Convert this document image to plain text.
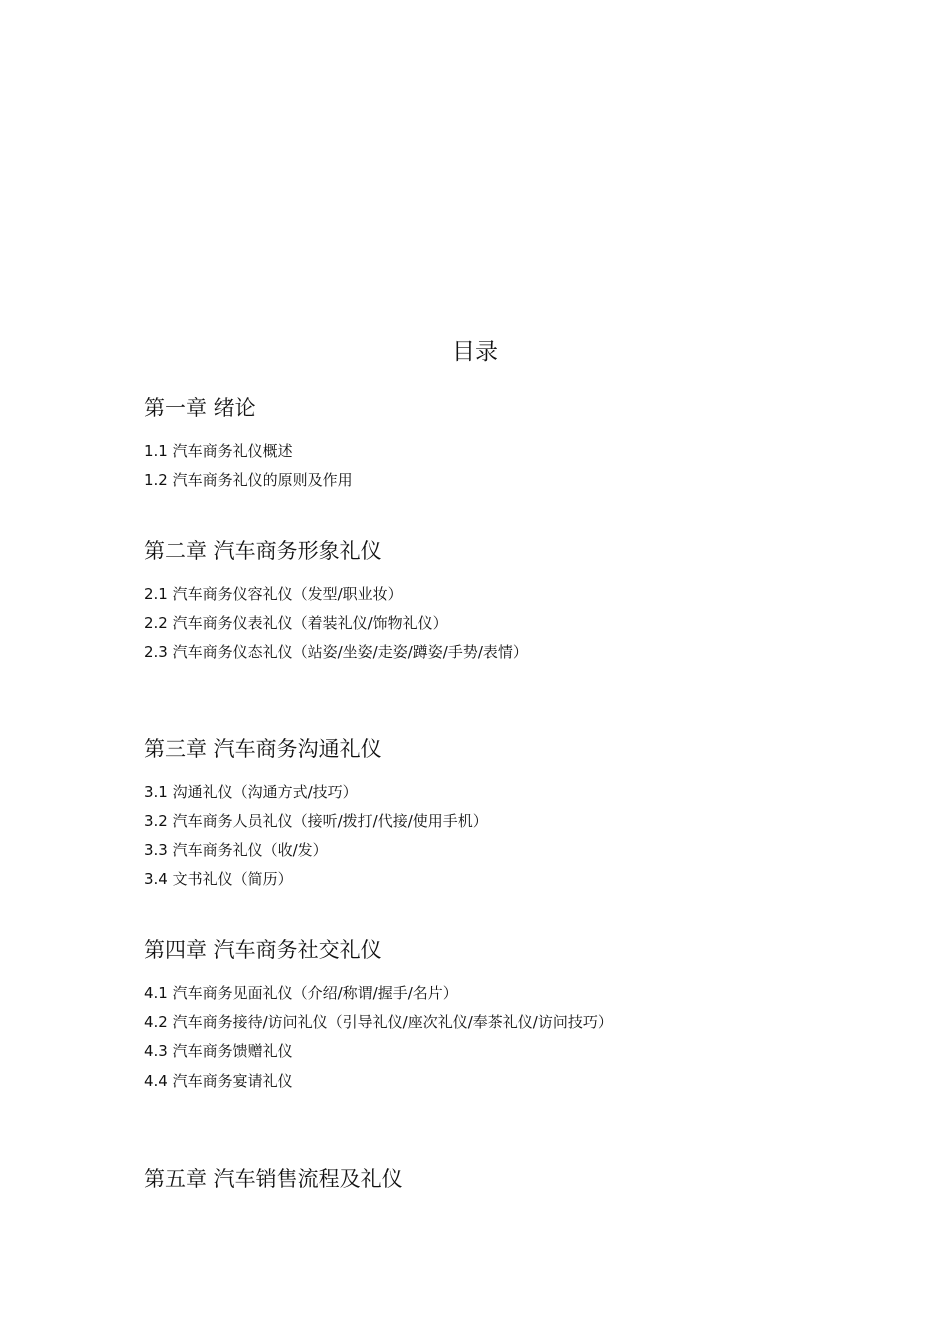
目录
第一章 绪论

1.1 汽车商务礼仪概述

1.2 汽车商务礼仪的原则及作用

第二章 汽车商务形象礼仪

2.1 汽车商务仪容礼仪（发型/职业妆）

2.2 汽车商务仪表礼仪（着装礼仪/饰物礼仪）

2.3 汽车商务仪态礼仪（站姿/坐姿/走姿/蹲姿/手势/表情）

第三章 汽车商务沟通礼仪

3.1 沟通礼仪（沟通方式/技巧）

3.2 汽车商务人员礼仪（接听/拨打/代接/使用手机）

3.3 汽车商务礼仪（收/发）

3.4 文书礼仪（简历）

第四章 汽车商务社交礼仪

4.1 汽车商务见面礼仪（介绍/称谓/握手/名片）

4.2 汽车商务接待/访问礼仪（引导礼仪/座次礼仪/奉茶礼仪/访问技巧）

4.3 汽车商务馈赠礼仪

4.4 汽车商务宴请礼仪

第五章 汽车销售流程及礼仪
